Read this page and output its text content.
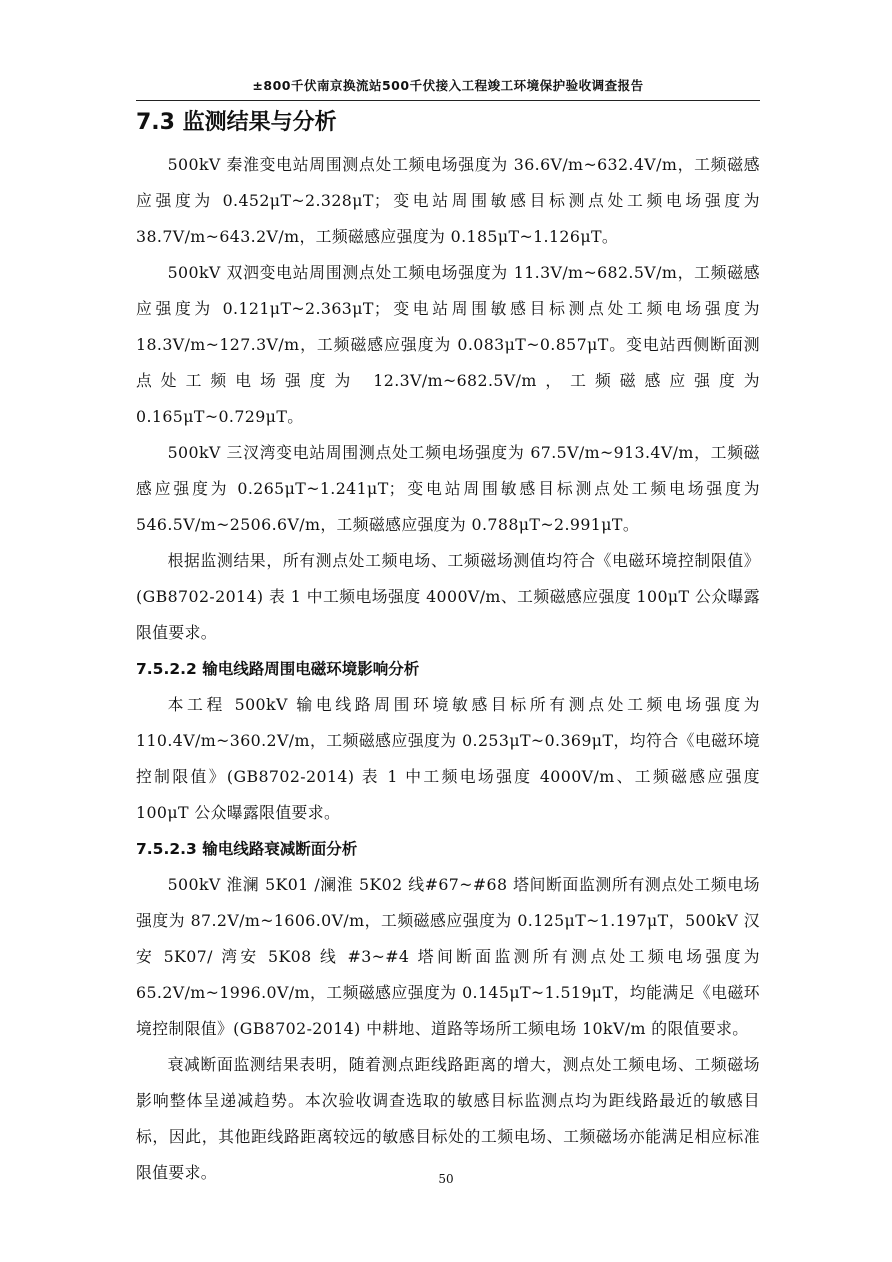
±800千伏南京换流站500千伏接入工程竣工环境保护验收调查报告
7.3 监测结果与分析

500kV 秦淮变电站周围测点处工频电场强度为 36.6V/m~632.4V/m，工频磁感应强度为 0.452μT~2.328μT；变电站周围敏感目标测点处工频电场强度为38.7V/m~643.2V/m，工频磁感应强度为 0.185μT~1.126μT。

500kV 双泗变电站周围测点处工频电场强度为 11.3V/m~682.5V/m，工频磁感应强度为 0.121μT~2.363μT；变电站周围敏感目标测点处工频电场强度为18.3V/m~127.3V/m，工频磁感应强度为 0.083μT~0.857μT。变电站西侧断面测点处工频电场强度为 12.3V/m~682.5V/m，工频磁感应强度为 0.165μT~0.729μT。

500kV 三汊湾变电站周围测点处工频电场强度为 67.5V/m~913.4V/m，工频磁感应强度为 0.265μT~1.241μT；变电站周围敏感目标测点处工频电场强度为546.5V/m~2506.6V/m，工频磁感应强度为 0.788μT~2.991μT。

根据监测结果，所有测点处工频电场、工频磁场测值均符合《电磁环境控制限值》(GB8702-2014) 表 1 中工频电场强度 4000V/m、工频磁感应强度 100μT 公众曝露限值要求。

7.5.2.2 输电线路周围电磁环境影响分析

本工程 500kV 输电线路周围环境敏感目标所有测点处工频电场强度为110.4V/m~360.2V/m，工频磁感应强度为 0.253μT~0.369μT，均符合《电磁环境控制限值》(GB8702-2014) 表 1 中工频电场强度 4000V/m、工频磁感应强度 100μT 公众曝露限值要求。

7.5.2.3 输电线路衰减断面分析

500kV 淮澜 5K01 /澜淮 5K02 线#67~#68 塔间断面监测所有测点处工频电场强度为 87.2V/m~1606.0V/m，工频磁感应强度为 0.125μT~1.197μT，500kV 汉安 5K07/ 湾安 5K08 线 #3~#4 塔间断面监测所有测点处工频电场强度为65.2V/m~1996.0V/m，工频磁感应强度为 0.145μT~1.519μT，均能满足《电磁环境控制限值》(GB8702-2014) 中耕地、道路等场所工频电场 10kV/m 的限值要求。

衰减断面监测结果表明，随着测点距线路距离的增大，测点处工频电场、工频磁场影响整体呈递减趋势。本次验收调查选取的敏感目标监测点均为距线路最近的敏感目标，因此，其他距线路距离较远的敏感目标处的工频电场、工频磁场亦能满足相应标准限值要求。	50
